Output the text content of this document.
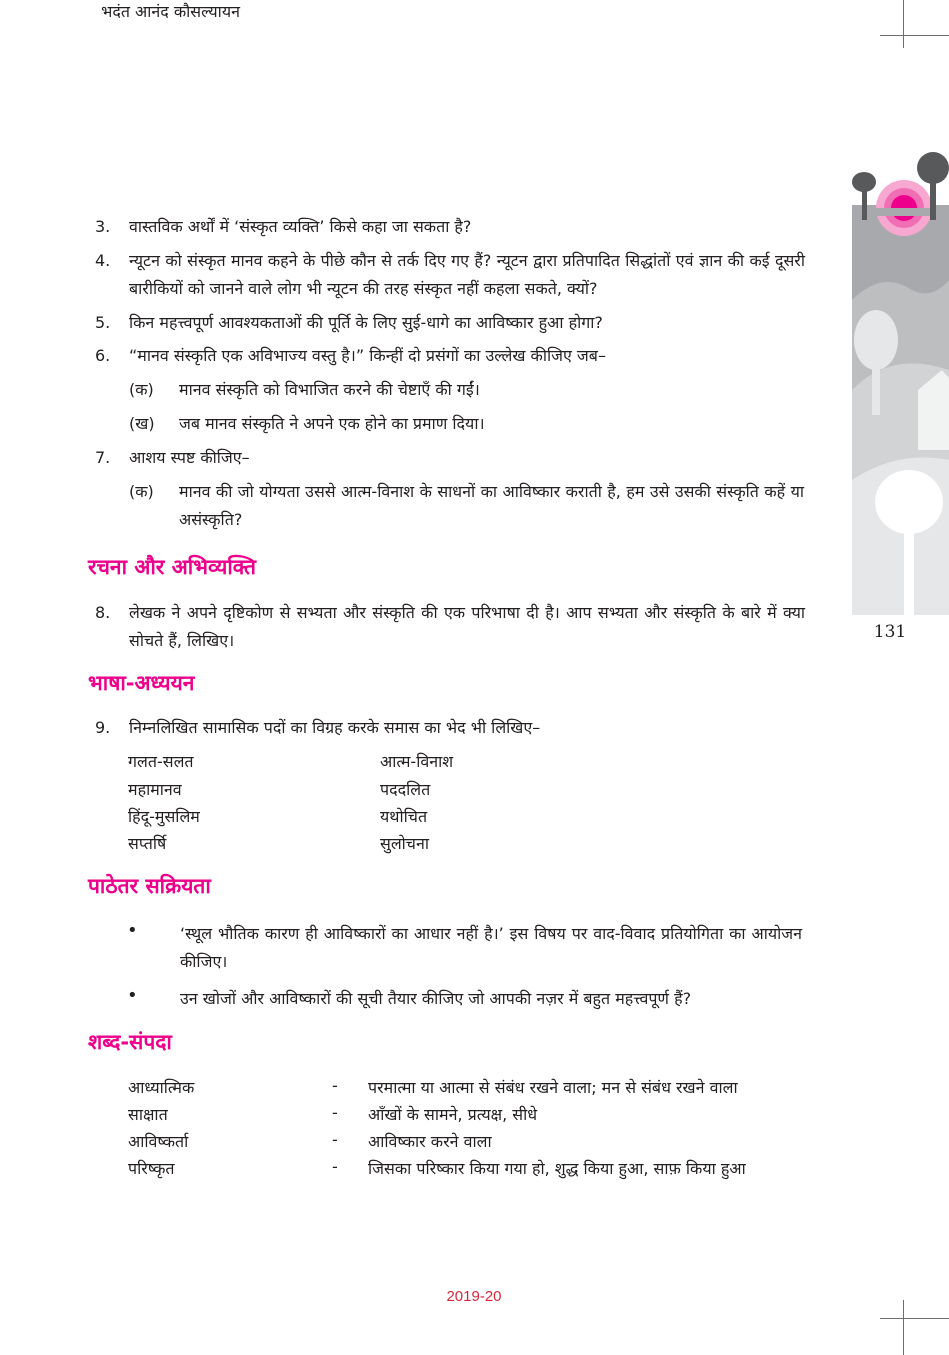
131
भदंत आनंद कौसल्यायन
3.	वास्तविक अर्थों में ‘संस्कृत व्यक्ति’ किसे कहा जा सकता है?
4.	न्यूटन को संस्कृत मानव कहने के पीछे कौन से तर्क दिए गए हैं? न्यूटन द्वारा प्रतिपादित सिद्धांतों एवं ज्ञान की कई दूसरी बारीकियों को जानने वाले लोग भी न्यूटन की तरह संस्कृत नहीं कहला सकते, क्यों?
5.	किन महत्त्वपूर्ण आवश्यकताओं की पूर्ति के लिए सुई-धागे का आविष्कार हुआ होगा?
6.	“मानव संस्कृति एक अविभाज्य वस्तु है।” किन्हीं दो प्रसंगों का उल्लेख कीजिए जब–
(क) मानव संस्कृति को विभाजित करने की चेष्टाएँ की गईं।
(ख) जब मानव संस्कृति ने अपने एक होने का प्रमाण दिया।
7.	आशय स्पष्ट कीजिए–
(क) मानव की जो योग्यता उससे आत्म-विनाश के साधनों का आविष्कार कराती है, हम उसे उसकी संस्कृति कहें या असंस्कृति?
रचना और अभिव्यक्ति
8.	लेखक ने अपने दृष्टिकोण से सभ्यता और संस्कृति की एक परिभाषा दी है। आप सभ्यता और संस्कृति के बारे में क्या सोचते हैं, लिखिए।
भाषा-अध्ययन
9.	निम्नलिखित सामासिक पदों का विग्रह करके समास का भेद भी लिखिए–
गलत-सलत	आत्म-विनाश
महामानव	पददलित
हिंदू-मुसलिम	यथोचित
सप्तर्षि	सुलोचना
पाठेतर सक्रियता
•	‘स्थूल भौतिक कारण ही आविष्कारों का आधार नहीं है।’ इस विषय पर वाद-विवाद प्रतियोगिता का आयोजन कीजिए।
•	उन खोजों और आविष्कारों की सूची तैयार कीजिए जो आपकी नज़र में बहुत महत्त्वपूर्ण हैं?
शब्द-संपदा
आध्यात्मिक	- परमात्मा या आत्मा से संबंध रखने वाला; मन से संबंध रखने वाला
साक्षात	- आँखों के सामने, प्रत्यक्ष, सीधे
आविष्कर्ता	- आविष्कार करने वाला
परिष्कृत	- जिसका परिष्कार किया गया हो, शुद्ध किया हुआ, साफ़ किया हुआ
2019-20
